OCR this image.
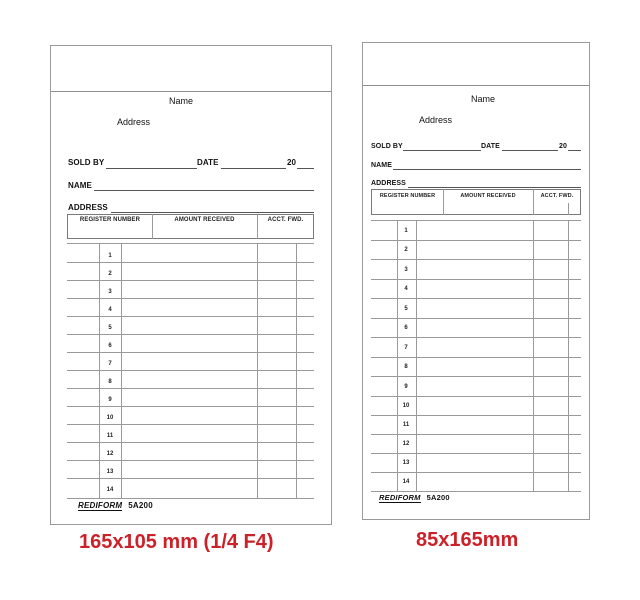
Name
Address
SOLD BY	DATE	20
NAME
ADDRESS
REGISTER NUMBER	AMOUNT RECEIVED	ACCT. FWD.
1
2
3
4
5
6
7
8
9
10
11
12
13
14
REDIFORM 5A200
Name
Address
SOLD BY	DATE	20
NAME
ADDRESS
REGISTER NUMBER	AMOUNT RECEIVED	ACCT. FWD.
1
2
3
4
5
6
7
8
9
10
11
12
13
14
REDIFORM 5A200
165x105 mm (1/4 F4)	85x165mm
